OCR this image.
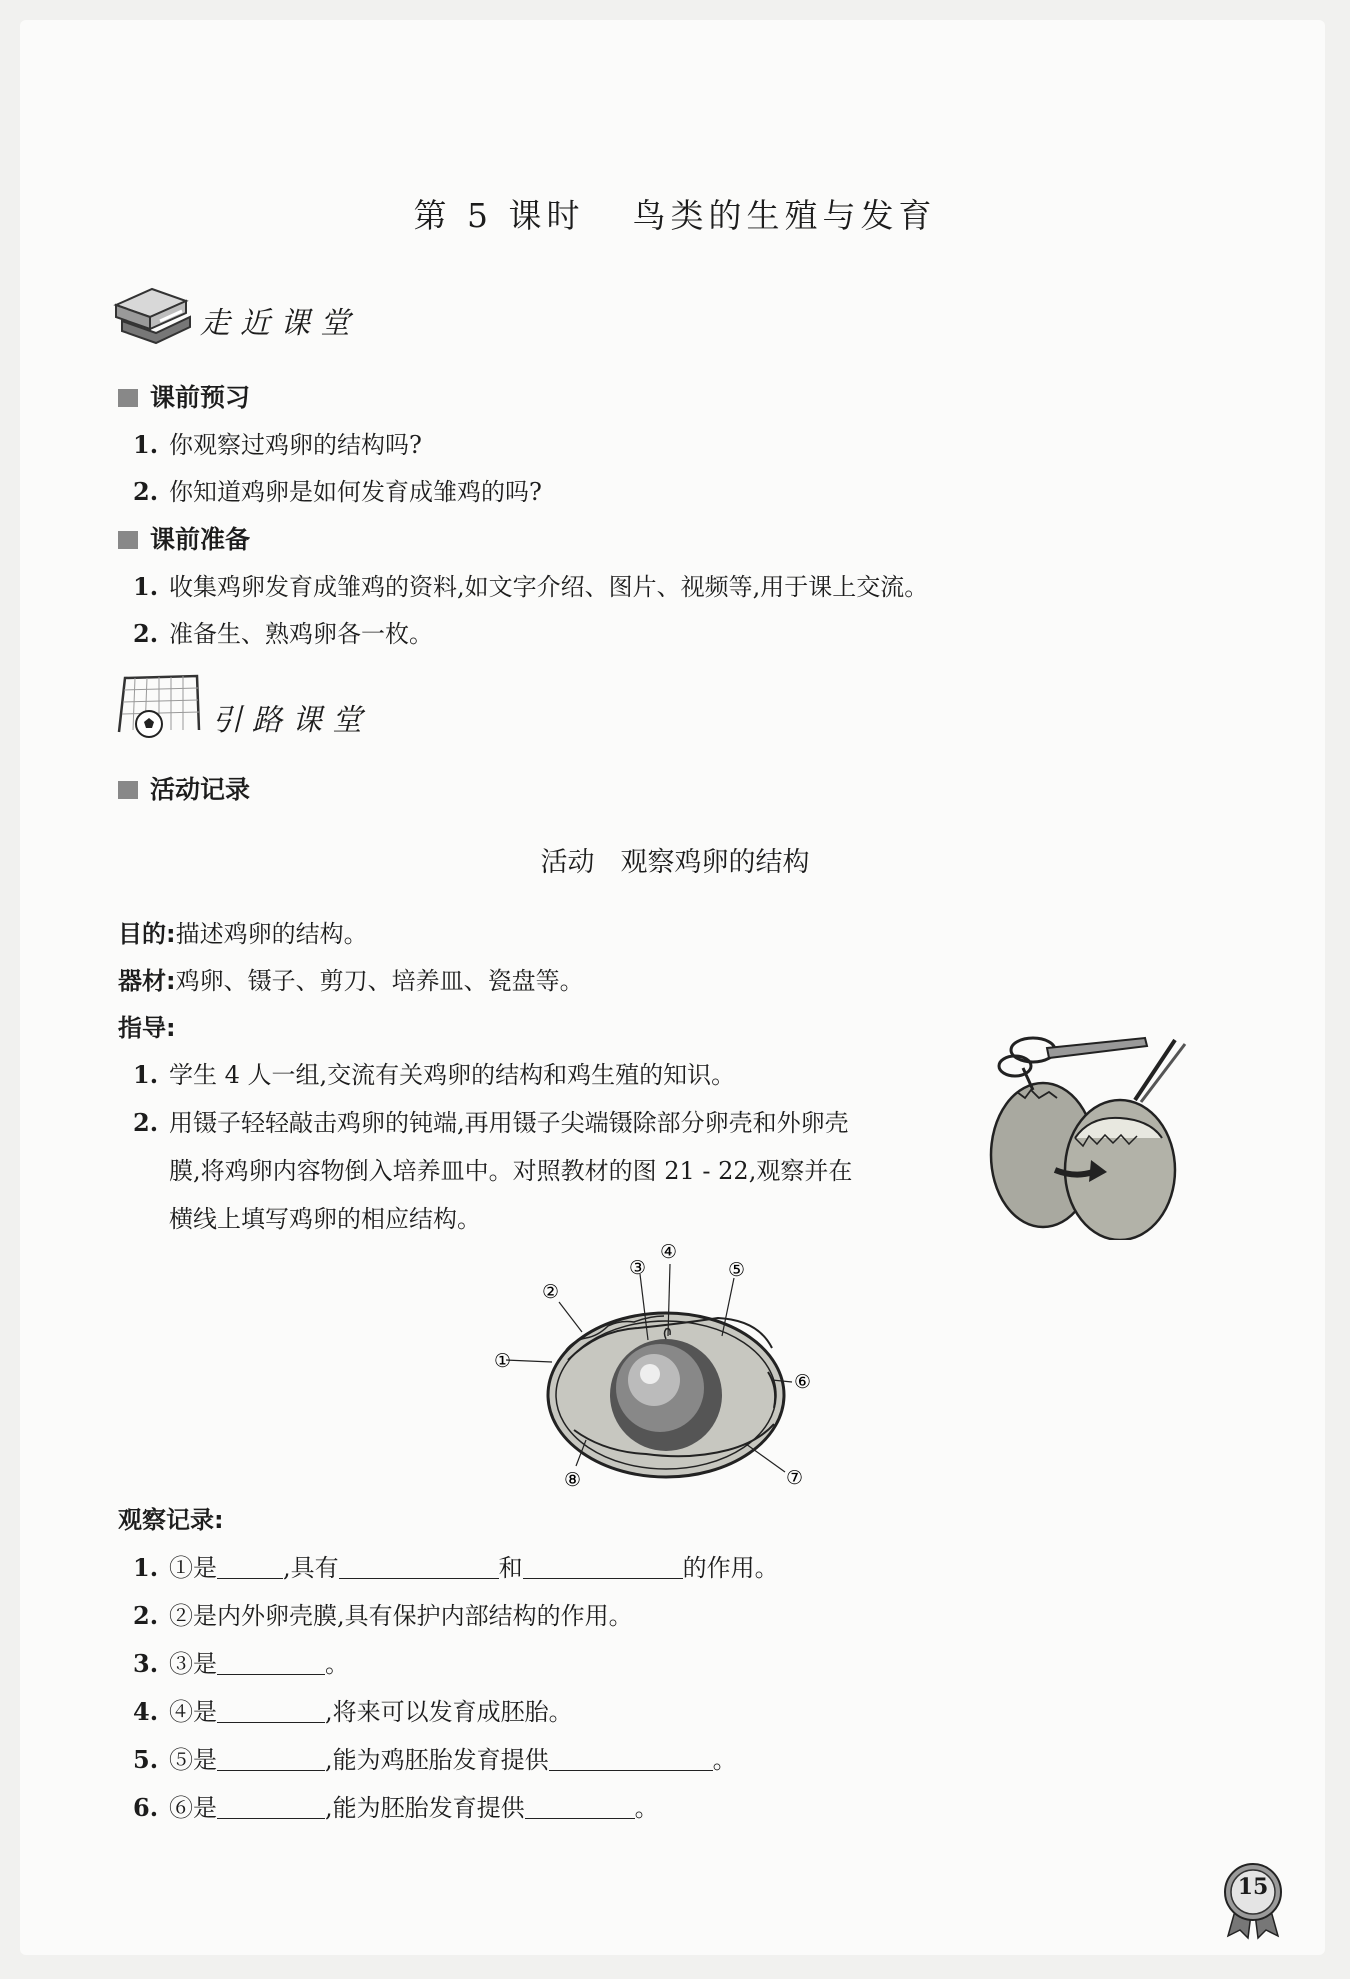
第 5 课时 鸟类的生殖与发育
走近课堂
课前预习
1. 你观察过鸡卵的结构吗?
2. 你知道鸡卵是如何发育成雏鸡的吗?
课前准备
1. 收集鸡卵发育成雏鸡的资料,如文字介绍、图片、视频等,用于课上交流。
2. 准备生、熟鸡卵各一枚。
引路课堂
活动记录
活动 观察鸡卵的结构
目的:描述鸡卵的结构。
器材:鸡卵、镊子、剪刀、培养皿、瓷盘等。
指导:
1. 学生 4 人一组,交流有关鸡卵的结构和鸡生殖的知识。
2. 用镊子轻轻敲击鸡卵的钝端,再用镊子尖端镊除部分卵壳和外卵壳
膜,将鸡卵内容物倒入培养皿中。对照教材的图 21 - 22,观察并在
横线上填写鸡卵的相应结构。
①
②
③
④
⑤
⑥
⑦
⑧
观察记录:
1. ①是	,具有	和	的作用。
2. ②是内外卵壳膜,具有保护内部结构的作用。
3. ③是	。
4. ④是	,将来可以发育成胚胎。
5. ⑤是	,能为鸡胚胎发育提供	。
6. ⑥是	,能为胚胎发育提供	。
15
